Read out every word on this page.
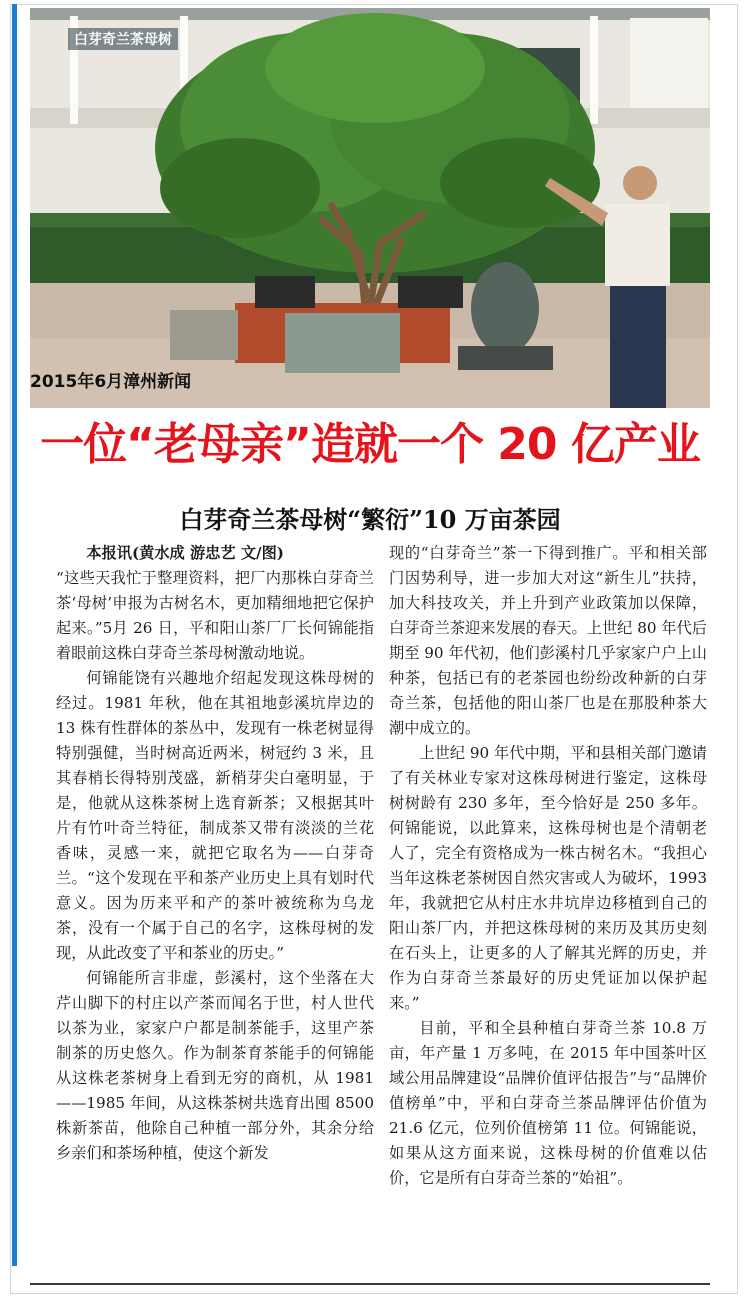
白芽奇兰茶母树
2015年6月漳州新闻
一位“老母亲”造就一个 20 亿产业
白芽奇兰茶母树“繁衍”10 万亩茶园

本报讯(黄水成 游忠艺 文/图)

“这些天我忙于整理资料，把厂内那株白芽奇兰茶‘母树’申报为古树名木，更加精细地把它保护起来。”5月 26 日，平和阳山茶厂厂长何锦能指着眼前这株白芽奇兰茶母树激动地说。

何锦能饶有兴趣地介绍起发现这株母树的经过。1981 年秋，他在其祖地彭溪坑岸边的 13 株有性群体的茶丛中，发现有一株老树显得特别强健，当时树高近两米，树冠约 3 米，且其春梢长得特别茂盛，新梢芽尖白毫明显，于是，他就从这株茶树上选育新茶；又根据其叶片有竹叶奇兰特征，制成茶又带有淡淡的兰花香味，灵感一来，就把它取名为——白芽奇兰。“这个发现在平和茶产业历史上具有划时代意义。因为历来平和产的茶叶被统称为乌龙茶，没有一个属于自己的名字，这株母树的发现，从此改变了平和茶业的历史。”

何锦能所言非虚，彭溪村，这个坐落在大芹山脚下的村庄以产茶而闻名于世，村人世代以茶为业，家家户户都是制茶能手，这里产茶制茶的历史悠久。作为制茶育茶能手的何锦能从这株老茶树身上看到无穷的商机，从 1981——1985 年间，从这株茶树共选育出囤 8500 株新茶苗，他除自己种植一部分外，其余分给乡亲们和茶场种植，使这个新发

现的“白芽奇兰”茶一下得到推广。平和相关部门因势利导，进一步加大对这“新生儿”扶持，加大科技攻关，并上升到产业政策加以保障，白芽奇兰茶迎来发展的春天。上世纪 80 年代后期至 90 年代初，他们彭溪村几乎家家户户上山种茶，包括已有的老茶园也纷纷改种新的白芽奇兰茶，包括他的阳山茶厂也是在那股种茶大潮中成立的。

上世纪 90 年代中期，平和县相关部门邀请了有关林业专家对这株母树进行鉴定，这株母树树龄有 230 多年，至今恰好是 250 多年。何锦能说，以此算来，这株母树也是个清朝老人了，完全有资格成为一株古树名木。“我担心当年这株老茶树因自然灾害或人为破坏，1993 年，我就把它从村庄水井坑岸边移植到自己的阳山茶厂内，并把这株母树的来历及其历史刻在石头上，让更多的人了解其光辉的历史，并作为白芽奇兰茶最好的历史凭证加以保护起来。”

目前，平和全县种植白芽奇兰茶 10.8 万亩，年产量 1 万多吨，在 2015 年中国茶叶区域公用品牌建设“品牌价值评估报告”与“品牌价值榜单”中，平和白芽奇兰茶品牌评估价值为 21.6 亿元，位列价值榜第 11 位。何锦能说，如果从这方面来说，这株母树的价值难以估价，它是所有白芽奇兰茶的“始祖”。
